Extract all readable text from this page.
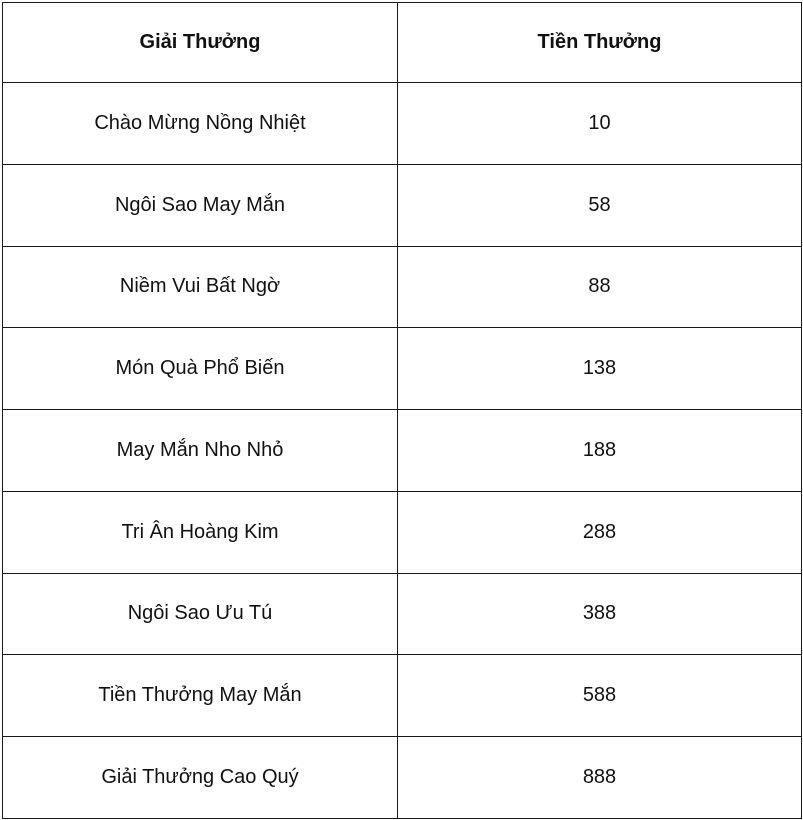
Giải Thưởng	Tiền Thưởng
Chào Mừng Nồng Nhiệt	10
Ngôi Sao May Mắn	58
Niềm Vui Bất Ngờ	88
Món Quà Phổ Biến	138
May Mắn Nho Nhỏ	188
Tri Ân Hoàng Kim	288
Ngôi Sao Ưu Tú	388
Tiền Thưởng May Mắn	588
Giải Thưởng Cao Quý	888
